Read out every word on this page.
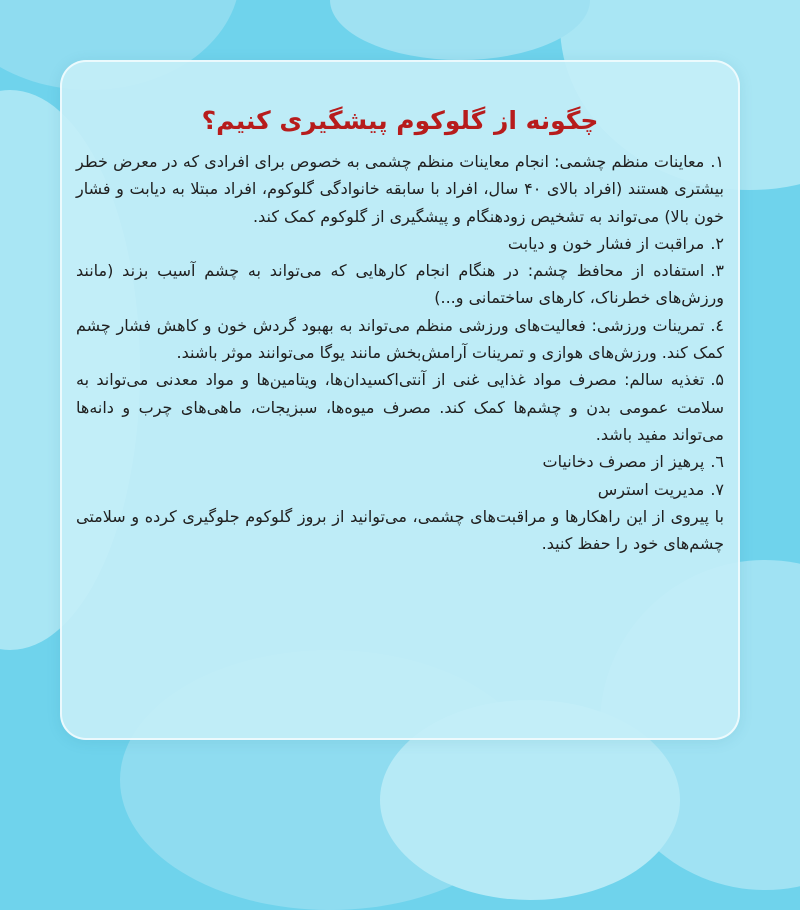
چگونه از گلوکوم پیشگیری کنیم؟

۱.معاینات منظم چشمی: انجام معاینات منظم چشمی به خصوص برای افرادی که در معرض خطر بیشتری هستند (افراد بالای ۴۰ سال، افراد با سابقه خانوادگی گلوکوم، افراد مبتلا به دیابت و فشار خون بالا) می‌تواند به تشخیص زودهنگام و پیشگیری از گلوکوم کمک کند.

۲.مراقبت از فشار خون و دیابت

۳.استفاده از محافظ چشم: در هنگام انجام کارهایی که می‌تواند به چشم آسیب بزند (مانند ورزش‌های خطرناک، کارهای ساختمانی و...)

٤.تمرینات ورزشی: فعالیت‌های ورزشی منظم می‌تواند به بهبود گردش خون و کاهش فشار چشم کمک کند. ورزش‌های هوازی و تمرینات آرامش‌بخش مانند یوگا می‌توانند موثر باشند.

۵.تغذیه سالم: مصرف مواد غذایی غنی از آنتی‌اکسیدان‌ها، ویتامین‌ها و مواد معدنی می‌تواند به سلامت عمومی بدن و چشم‌ها کمک کند. مصرف میوه‌ها، سبزیجات، ماهی‌های چرب و دانه‌ها می‌تواند مفید باشد.

٦.پرهیز از مصرف دخانیات

۷.مدیریت استرس

با پیروی از این راهکارها و مراقبت‌های چشمی، می‌توانید از بروز گلوکوم جلوگیری کرده و سلامتی چشم‌های خود را حفظ کنید.
